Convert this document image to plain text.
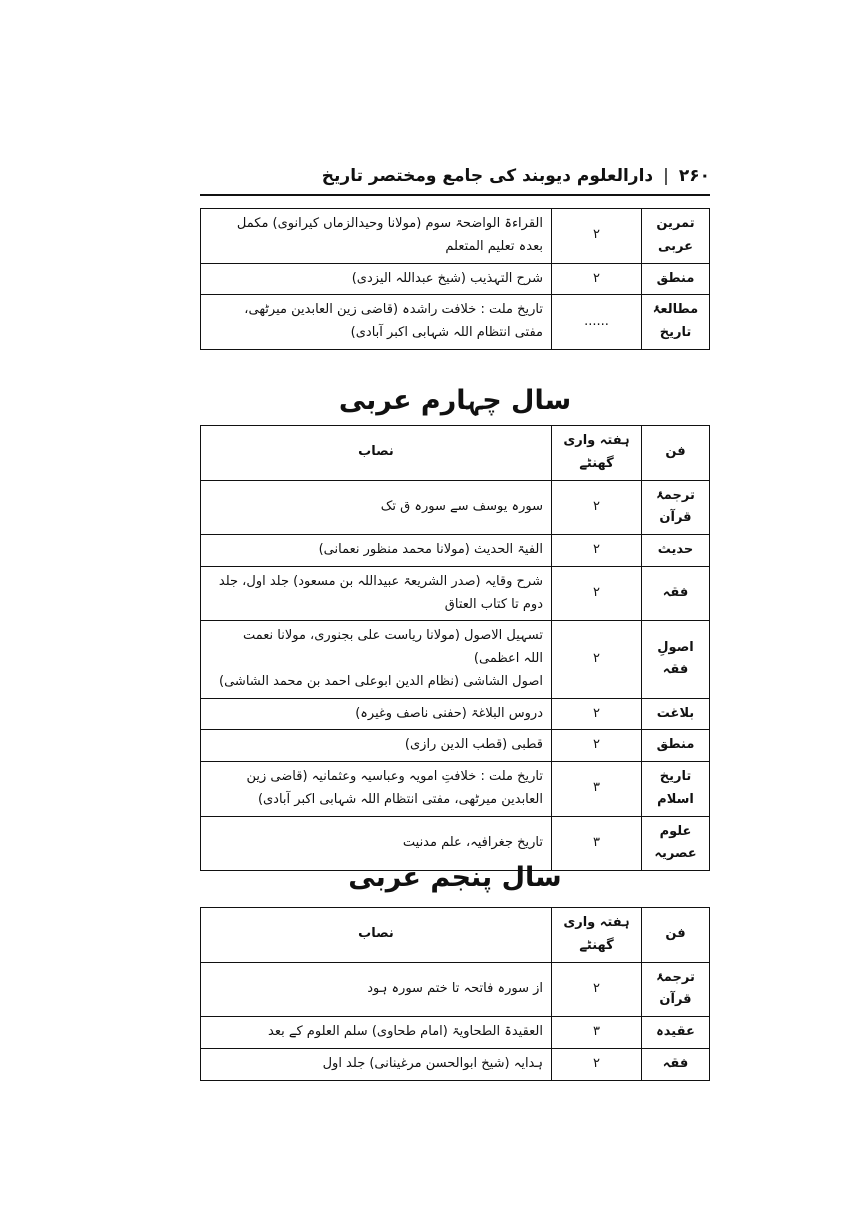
۲۶۰
|
دارالعلوم دیوبند کی جامع ومختصر تاریخ
تمرین عربی	۲	القراءۃ الواضحۃ سوم (مولانا وحیدالزماں کیرانوی) مکمل
بعدہ تعلیم المتعلم

منطق	۲	شرح التہذیب (شیخ عبداللہ الیزدی)

مطالعۂ تاریخ	......	تاریخ ملت : خلافت راشدہ (قاضی زین العابدین میرٹھی،
مفتی انتظام اللہ شہابی اکبر آبادی)
سال چہارم عربی
فن	ہفتہ واری گھنٹے	نصاب
ترجمۂ قرآن	۲	سورہ یوسف سے سورہ ق تک

حدیث	۲	الفیۃ الحدیث (مولانا محمد منظور نعمانی)

فقہ	۲	شرح وقایہ (صدر الشریعۃ عبیداللہ بن مسعود) جلد اول، جلد
دوم تا کتاب العتاق

اصولِ فقہ	۲	تسہیل الاصول (مولانا ریاست علی بجنوری، مولانا نعمت
اللہ اعظمی)
اصول الشاشی (نظام الدین ابوعلی احمد بن محمد الشاشی)

بلاغت	۲	دروس البلاغۃ (حفنی ناصف وغیرہ)

منطق	۲	قطبی (قطب الدین رازی)

تاریخ اسلام	۳	تاریخ ملت : خلافتِ امویہ وعباسیہ وعثمانیہ (قاضی زین
العابدین میرٹھی، مفتی انتظام اللہ شہابی اکبر آبادی)

علوم عصریہ	۳	تاریخ جغرافیہ، علم مدنیت
سال پنجم عربی
فن	ہفتہ واری گھنٹے	نصاب
ترجمۂ قرآن	۲	از سورہ فاتحہ تا ختم سورہ ہود

عقیدہ	۳	العقیدۃ الطحاویۃ (امام طحاوی) سلم العلوم کے بعد

فقہ	۲	ہدایہ (شیخ ابوالحسن مرغینانی) جلد اول
